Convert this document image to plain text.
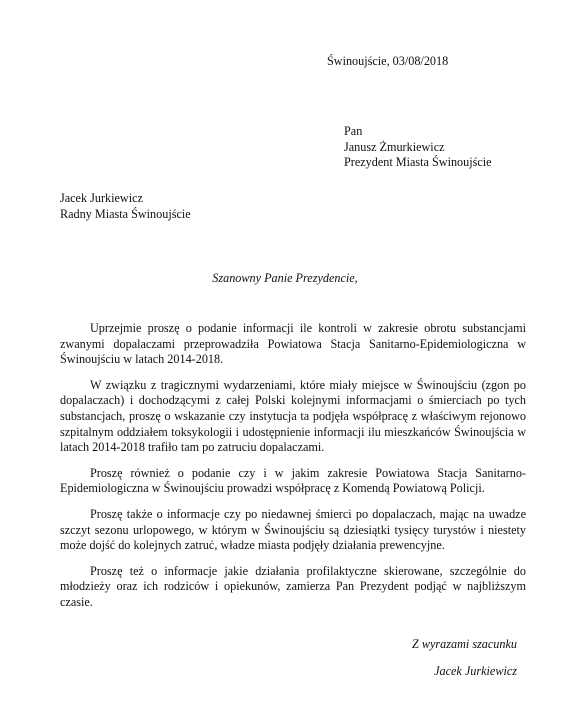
Świnoujście, 03/08/2018
Pan
Janusz Żmurkiewicz
Prezydent Miasta Świnoujście
Jacek Jurkiewicz
Radny Miasta Świnoujście
Szanowny Panie Prezydencie,

Uprzejmie proszę o podanie informacji ile kontroli w zakresie obrotu substancjami zwanymi dopalaczami przeprowadziła Powiatowa Stacja Sanitarno-Epidemiologiczna w Świnoujściu w latach 2014-2018.

W związku z tragicznymi wydarzeniami, które miały miejsce w Świnoujściu (zgon po dopalaczach) i dochodzącymi z całej Polski kolejnymi informacjami o śmierciach po tych substancjach, proszę o wskazanie czy instytucja ta podjęła współpracę z właściwym rejonowo szpitalnym oddziałem toksykologii i udostępnienie informacji ilu mieszkańców Świnoujścia w latach 2014-2018 trafiło tam po zatruciu dopalaczami.

Proszę również o podanie czy i w jakim zakresie Powiatowa Stacja Sanitarno-Epidemiologiczna w Świnoujściu prowadzi współpracę z Komendą Powiatową Policji.

Proszę także o informacje czy po niedawnej śmierci po dopalaczach, mając na uwadze szczyt sezonu urlopowego, w którym w Świnoujściu są dziesiątki tysięcy turystów i niestety może dojść do kolejnych zatruć, władze miasta podjęły działania prewencyjne.

Proszę też o informacje jakie działania profilaktyczne skierowane, szczególnie do młodzieży oraz ich rodziców i opiekunów, zamierza Pan Prezydent podjąć w najbliższym czasie.

Z wyrazami szacunku
Jacek Jurkiewicz
